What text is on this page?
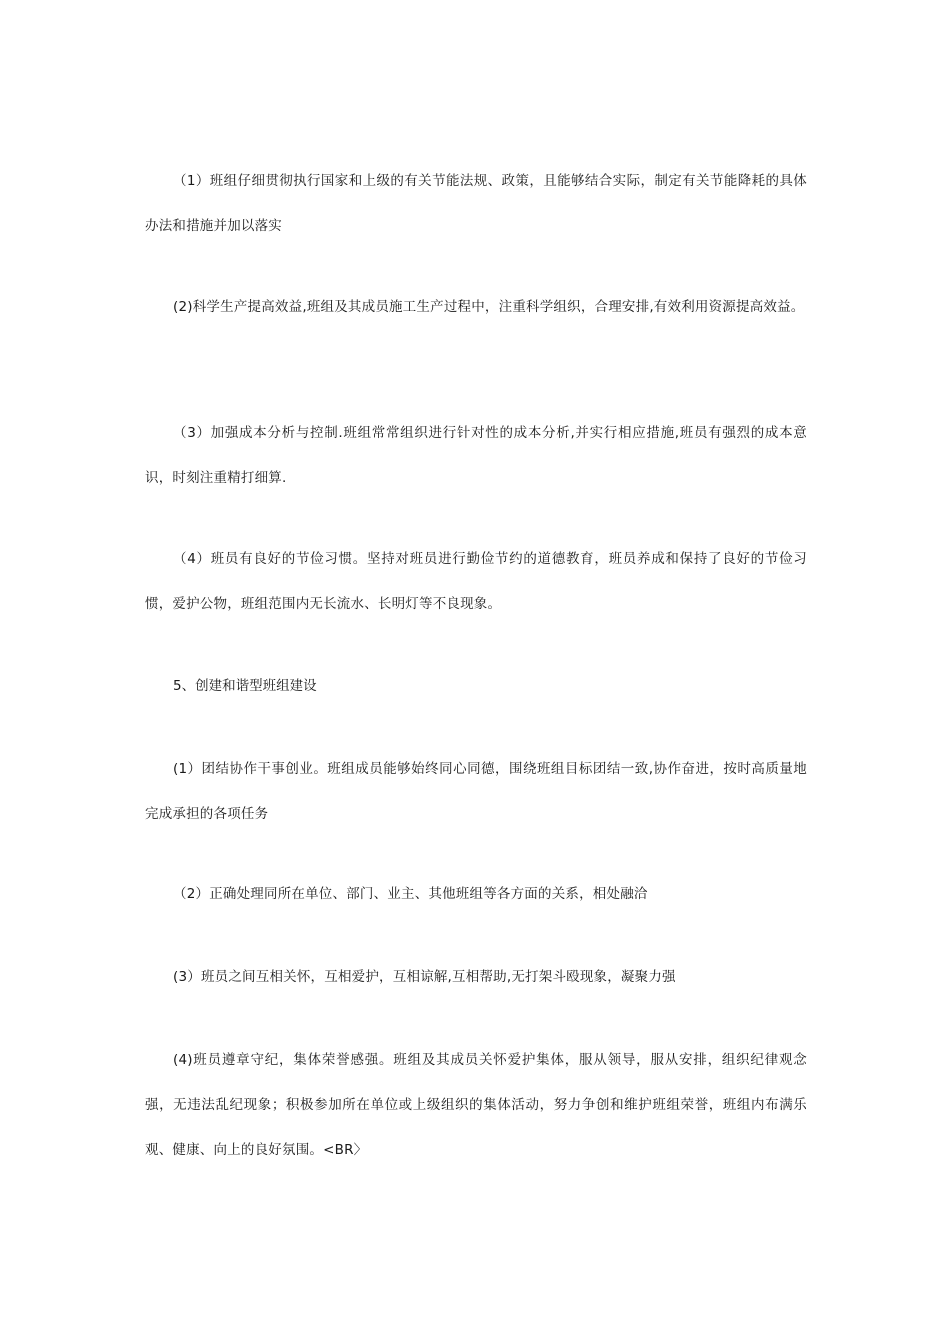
（1）班组仔细贯彻执行国家和上级的有关节能法规、政策，且能够结合实际，制定有关节能降耗的具体办法和措施并加以落实

(2)科学生产提高效益,班组及其成员施工生产过程中，注重科学组织，合理安排,有效利用资源提高效益。

（3）加强成本分析与控制.班组常常组织进行针对性的成本分析,并实行相应措施,班员有强烈的成本意识，时刻注重精打细算.

（4）班员有良好的节俭习惯。坚持对班员进行勤俭节约的道德教育，班员养成和保持了良好的节俭习惯，爱护公物，班组范围内无长流水、长明灯等不良现象。

5、创建和谐型班组建设

(1）团结协作干事创业。班组成员能够始终同心同德，围绕班组目标团结一致,协作奋进，按时高质量地完成承担的各项任务

（2）正确处理同所在单位、部门、业主、其他班组等各方面的关系，相处融洽

(3）班员之间互相关怀，互相爱护，互相谅解,互相帮助,无打架斗殴现象，凝聚力强

(4)班员遵章守纪，集体荣誉感强。班组及其成员关怀爱护集体，服从领导，服从安排，组织纪律观念强，无违法乱纪现象；积极参加所在单位或上级组织的集体活动，努力争创和维护班组荣誉，班组内布满乐观、健康、向上的良好氛围。<BR〉
